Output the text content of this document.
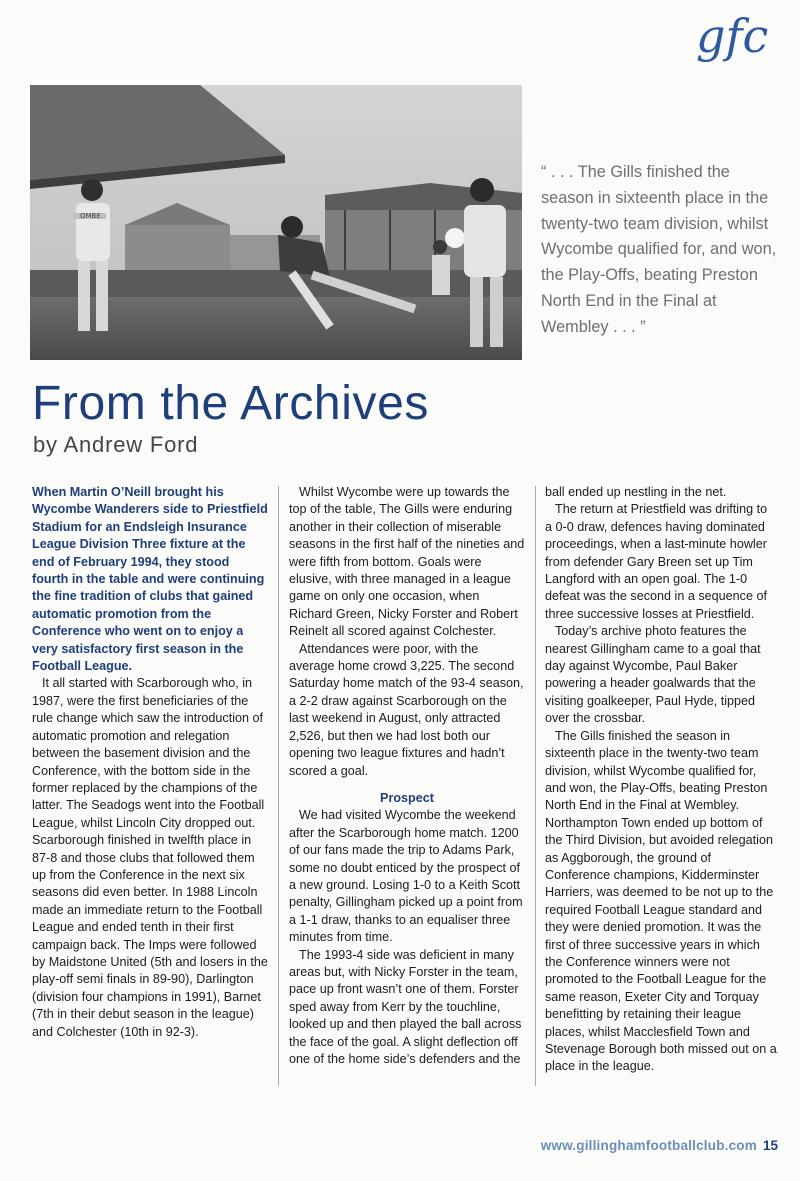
gfc
OMBE

“ . . . The Gills finished the season in sixteenth place in the twenty-two team division, whilst Wycombe qualified for, and won, the Play-Offs, beating Preston North End in the Final at Wembley . . . ”

From the Archives

by Andrew Ford

When Martin O’Neill brought his Wycombe Wanderers side to Priestfield Stadium for an Endsleigh Insurance League Division Three fixture at the end of February 1994, they stood fourth in the table and were continuing the fine tradition of clubs that gained automatic promotion from the Conference who went on to enjoy a very satisfactory first season in the Football League.

It all started with Scarborough who, in 1987, were the first beneficiaries of the rule change which saw the introduction of automatic promotion and relegation between the basement division and the Conference, with the bottom side in the former replaced by the champions of the latter. The Seadogs went into the Football League, whilst Lincoln City dropped out. Scarborough finished in twelfth place in 87-8 and those clubs that followed them up from the Conference in the next six seasons did even better. In 1988 Lincoln made an immediate return to the Football League and ended tenth in their first campaign back. The Imps were followed by Maidstone United (5th and losers in the play-off semi finals in 89-90), Darlington (division four champions in 1991), Barnet (7th in their debut season in the league) and Colchester (10th in 92-3).

Whilst Wycombe were up towards the top of the table, The Gills were enduring another in their collection of miserable seasons in the first half of the nineties and were fifth from bottom. Goals were elusive, with three managed in a league game on only one occasion, when Richard Green, Nicky Forster and Robert Reinelt all scored against Colchester.

Attendances were poor, with the average home crowd 3,225. The second Saturday home match of the 93-4 season, a 2-2 draw against Scarborough on the last weekend in August, only attracted 2,526, but then we had lost both our opening two league fixtures and hadn’t scored a goal.

Prospect

We had visited Wycombe the weekend after the Scarborough home match. 1200 of our fans made the trip to Adams Park, some no doubt enticed by the prospect of a new ground. Losing 1-0 to a Keith Scott penalty, Gillingham picked up a point from a 1-1 draw, thanks to an equaliser three minutes from time.

The 1993-4 side was deficient in many areas but, with Nicky Forster in the team, pace up front wasn’t one of them. Forster sped away from Kerr by the touchline, looked up and then played the ball across the face of the goal. A slight deflection off one of the home side’s defenders and the

ball ended up nestling in the net.

The return at Priestfield was drifting to a 0-0 draw, defences having dominated proceedings, when a last-minute howler from defender Gary Breen set up Tim Langford with an open goal. The 1-0 defeat was the second in a sequence of three successive losses at Priestfield.

Today’s archive photo features the nearest Gillingham came to a goal that day against Wycombe, Paul Baker powering a header goalwards that the visiting goalkeeper, Paul Hyde, tipped over the crossbar.

The Gills finished the season in sixteenth place in the twenty-two team division, whilst Wycombe qualified for, and won, the Play-Offs, beating Preston North End in the Final at Wembley. Northampton Town ended up bottom of the Third Division, but avoided relegation as Aggborough, the ground of Conference champions, Kidderminster Harriers, was deemed to be not up to the required Football League standard and they were denied promotion. It was the first of three successive years in which the Conference winners were not promoted to the Football League for the same reason, Exeter City and Torquay benefitting by retaining their league places, whilst Macclesfield Town and Stevenage Borough both missed out on a place in the league.

www.gillinghamfootballclub.com 15
